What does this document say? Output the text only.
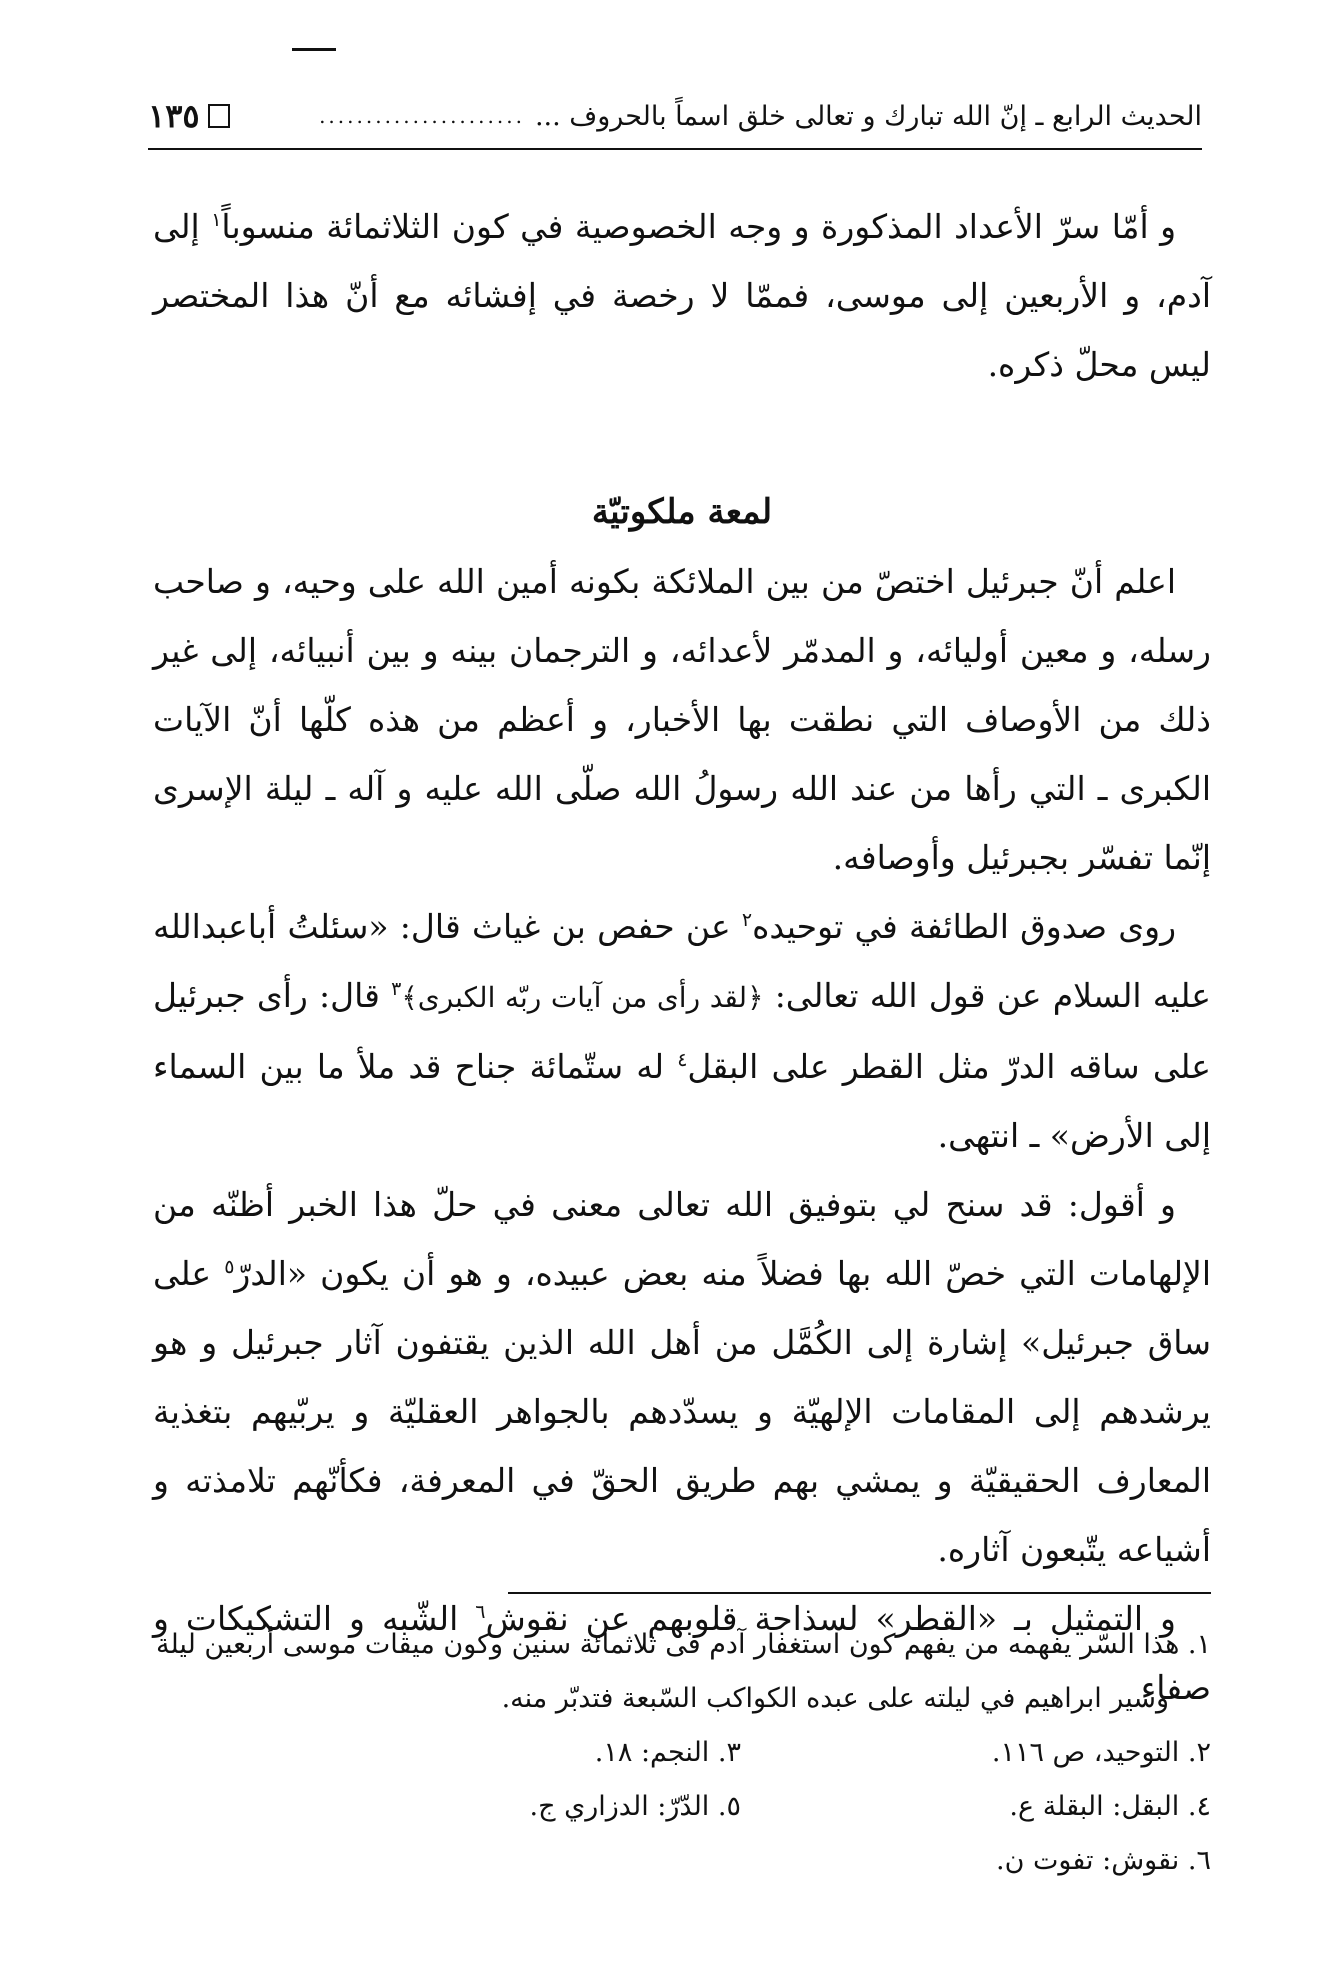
الحديث الرابع ـ إنّ الله تبارك و تعالى خلق اسماً بالحروف ...
......................
١٣٥

و أمّا سرّ الأعداد المذكورة و وجه الخصوصية في كون الثلاثمائة منسوباً$^١$ إلى آدم، و الأربعين إلى موسى، فممّا لا رخصة في إفشائه مع أنّ هذا المختصر ليس محلّ ذكره.

لمعة ملكوتيّة

اعلم أنّ جبرئيل اختصّ من بين الملائكة بكونه أمين الله على وحيه، و صاحب رسله، و معين أوليائه، و المدمّر لأعدائه، و الترجمان بينه و بين أنبيائه، إلى غير ذلك من الأوصاف التي نطقت بها الأخبار، و أعظم من هذه كلّها أنّ الآيات الكبرى ـ التي رأها من عند الله رسولُ الله صلّى الله عليه و آله ـ ليلة الإسرى إنّما تفسّر بجبرئيل وأوصافه.

روى صدوق الطائفة في توحيده$^٢$ عن حفص بن غياث قال: «سئلتُ أباعبدالله عليه السلام عن قول الله تعالى: ﴿لقد رأى من آيات ربّه الكبرى﴾$^٣$ قال: رأى جبرئيل على ساقه الدرّ مثل القطر على البقل$^٤$ له ستّمائة جناح قد ملأ ما بين السماء إلى الأرض» ـ انتهى.

و أقول: قد سنح لي بتوفيق الله تعالى معنى في حلّ هذا الخبر أظنّه من الإلهامات التي خصّ الله بها فضلاً منه بعض عبيده، و هو أن يكون «الدرّ$^٥$ على ساق جبرئيل» إشارة إلى الكُمَّل من أهل الله الذين يقتفون آثار جبرئيل و هو يرشدهم إلى المقامات الإلهيّة و يسدّدهم بالجواهر العقليّة و يربّيهم بتغذية المعارف الحقيقيّة و يمشي بهم طريق الحقّ في المعرفة، فكأنّهم تلامذته و أشياعه يتّبعون آثاره.

و التمثيل بـ «القطر» لسذاجة قلوبهم عن نقوش$^٦$ الشّبه و التشكيكات و صفاء

١. هذا السّر يفهمه من يفهم كون استغفار آدم فى ثلاثمائة سنين وكون ميقات موسى أربعين ليلة

وسير ابراهيم في ليلته على عبده الكواكب السّبعة فتدبّر منه.

٢. التوحيد، ص ١١٦.
٣. النجم: ١٨.
٤. البقل: البقلة ع.
٥. الدّرّ: الدزاري ج.

٦. نقوش: تفوت ن.
